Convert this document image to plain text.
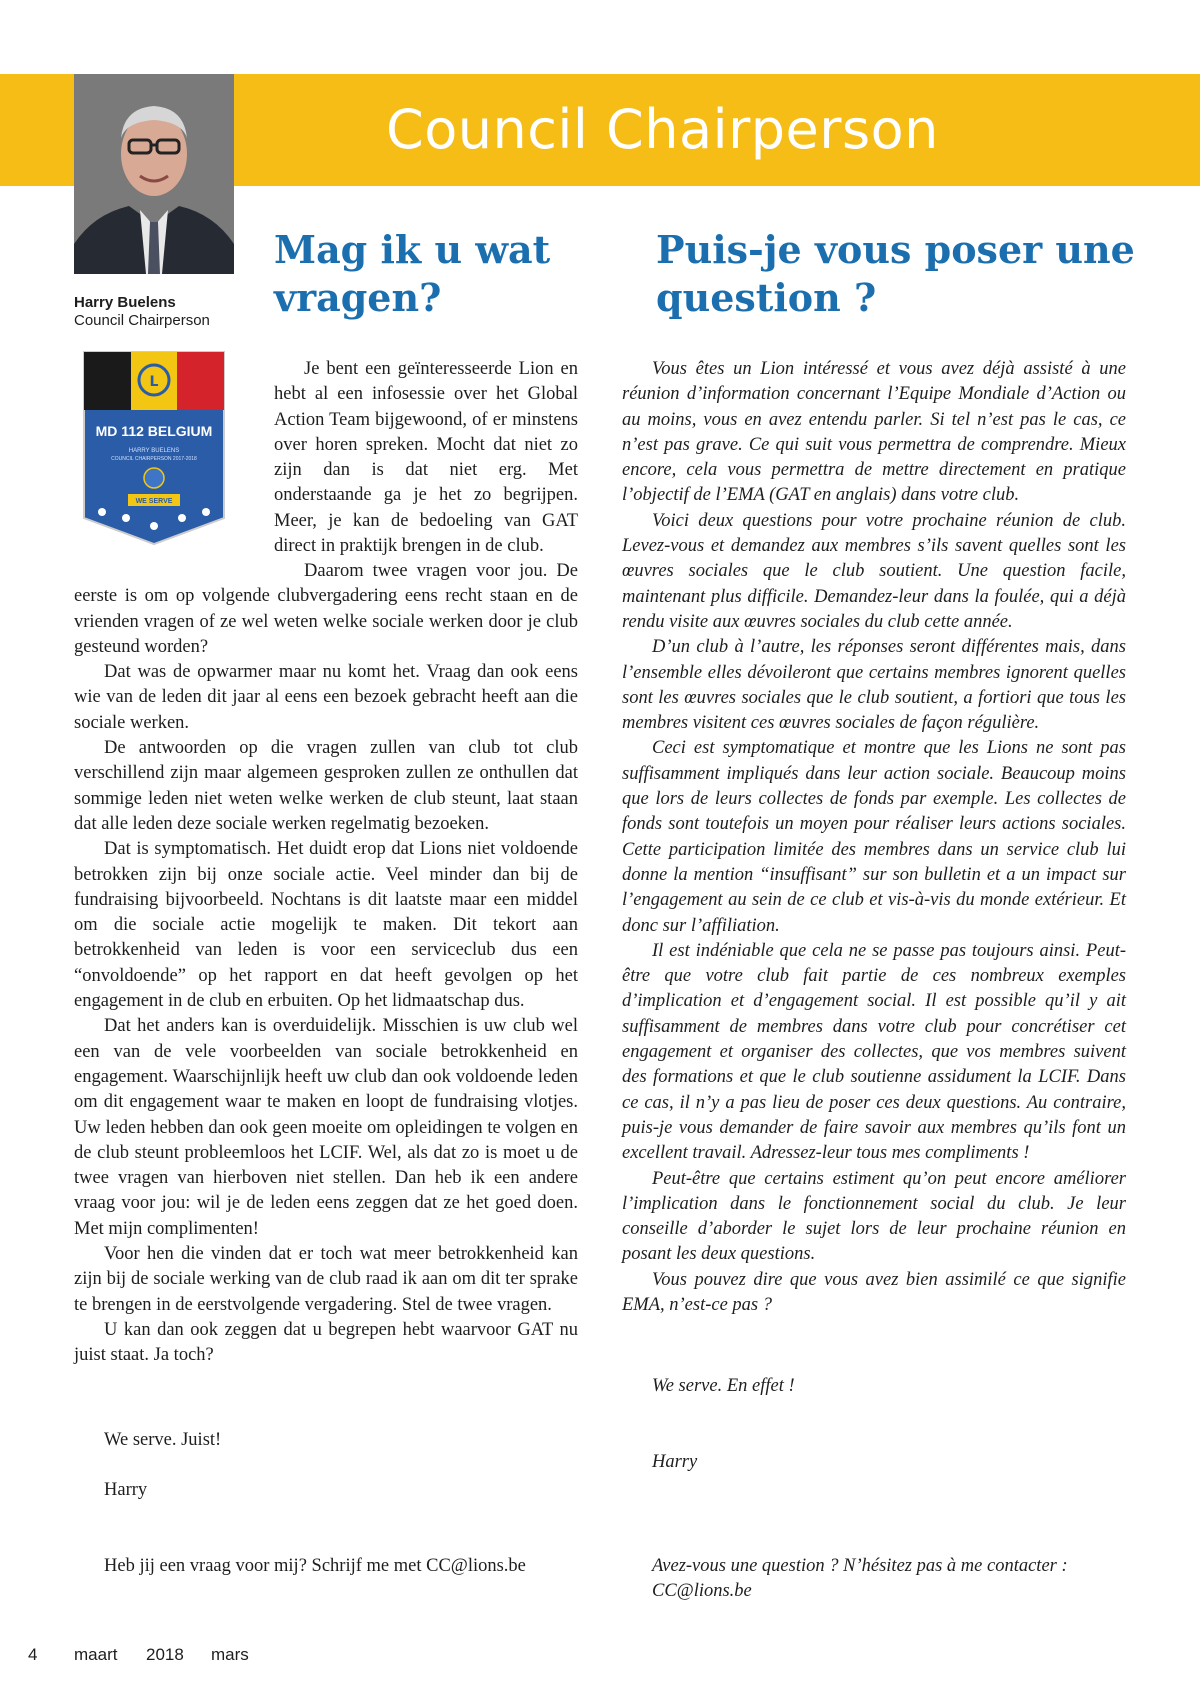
Council Chairperson
Harry Buelens
Council Chairperson
L
MD 112 BELGIUM
HARRY BUELENS
COUNCIL CHAIRPERSON 2017-2018
WE SERVE
Mag ik u wat vragen?
Puis-je vous poser une question ?

Je bent een geïnteresseerde Lion en hebt al een infosessie over het Global Action Team bijgewoond, of er minstens over horen spreken. Mocht dat niet zo zijn dan is dat niet erg. Met onderstaande ga je het zo begrijpen. Meer, je kan de bedoeling van GAT direct in praktijk brengen in de club.

Daarom twee vragen voor jou. De eerste is om op volgende clubvergadering eens recht staan en de vrienden vragen of ze wel weten welke sociale werken door je club gesteund worden?

Dat was de opwarmer maar nu komt het. Vraag dan ook eens wie van de leden dit jaar al eens een bezoek gebracht heeft aan die sociale werken.

De antwoorden op die vragen zullen van club tot club verschillend zijn maar algemeen gesproken zullen ze onthullen dat sommige leden niet weten welke werken de club steunt, laat staan dat alle leden deze sociale werken regelmatig bezoeken.

Dat is symptomatisch. Het duidt erop dat Lions niet voldoende betrokken zijn bij onze sociale actie. Veel minder dan bij de fundraising bijvoorbeeld. Nochtans is dit laatste maar een middel om die sociale actie mogelijk te maken. Dit tekort aan betrokkenheid van leden is voor een serviceclub dus een “onvoldoende” op het rapport en dat heeft gevolgen op het engagement in de club en erbuiten. Op het lidmaatschap dus.

Dat het anders kan is overduidelijk. Misschien is uw club wel een van de vele voorbeelden van sociale betrokkenheid en engagement. Waarschijnlijk heeft uw club dan ook voldoende leden om dit engagement waar te maken en loopt de fundraising vlotjes. Uw leden hebben dan ook geen moeite om opleidingen te volgen en de club steunt probleemloos het LCIF. Wel, als dat zo is moet u de twee vragen van hierboven niet stellen. Dan heb ik een andere vraag voor jou: wil je de leden eens zeggen dat ze het goed doen. Met mijn complimenten!

Voor hen die vinden dat er toch wat meer betrokkenheid kan zijn bij de sociale werking van de club raad ik aan om dit ter sprake te brengen in de eerstvolgende vergadering. Stel de twee vragen.

U kan dan ook zeggen dat u begrepen hebt waarvoor GAT nu juist staat. Ja toch?

We serve. Juist!

Harry

Heb jij een vraag voor mij? Schrijf me met CC@lions.be

Vous êtes un Lion intéressé et vous avez déjà assisté à une réunion d’information concernant l’Equipe Mondiale d’Action ou au moins, vous en avez entendu parler. Si tel n’est pas le cas, ce n’est pas grave. Ce qui suit vous permettra de comprendre. Mieux encore, cela vous permettra de mettre directement en pratique l’objectif de l’EMA (GAT en anglais) dans votre club.

Voici deux questions pour votre prochaine réunion de club. Levez-vous et demandez aux membres s’ils savent quelles sont les œuvres sociales que le club soutient. Une question facile, maintenant plus difficile. Demandez-leur dans la foulée, qui a déjà rendu visite aux œuvres sociales du club cette année.

D’un club à l’autre, les réponses seront différentes mais, dans l’ensemble elles dévoileront que certains membres ignorent quelles sont les œuvres sociales que le club soutient, a fortiori que tous les membres visitent ces œuvres sociales de façon régulière.

Ceci est symptomatique et montre que les Lions ne sont pas suffisamment impliqués dans leur action sociale. Beaucoup moins que lors de leurs collectes de fonds par exemple. Les collectes de fonds sont toutefois un moyen pour réaliser leurs actions sociales. Cette participation limitée des membres dans un service club lui donne la mention “insuffisant” sur son bulletin et a un impact sur l’engagement au sein de ce club et vis-à-vis du monde extérieur. Et donc sur l’affiliation.

Il est indéniable que cela ne se passe pas toujours ainsi. Peut-être que votre club fait partie de ces nombreux exemples d’implication et d’engagement social. Il est possible qu’il y ait suffisamment de membres dans votre club pour concrétiser cet engagement et organiser des collectes, que vos membres suivent des formations et que le club soutienne assidument la LCIF. Dans ce cas, il n’y a pas lieu de poser ces deux questions. Au contraire, puis-je vous demander de faire savoir aux membres qu’ils font un excellent travail. Adressez-leur tous mes compliments !

Peut-être que certains estiment qu’on peut encore améliorer l’implication dans le fonctionnement social du club. Je leur conseille d’aborder le sujet lors de leur prochaine réunion en posant les deux questions.

Vous pouvez dire que vous avez bien assimilé ce que signifie EMA, n’est-ce pas ?

We serve. En effet !

Harry

Avez-vous une question ? N’hésitez pas à me contacter : CC@lions.be

4 maart 2018 mars
